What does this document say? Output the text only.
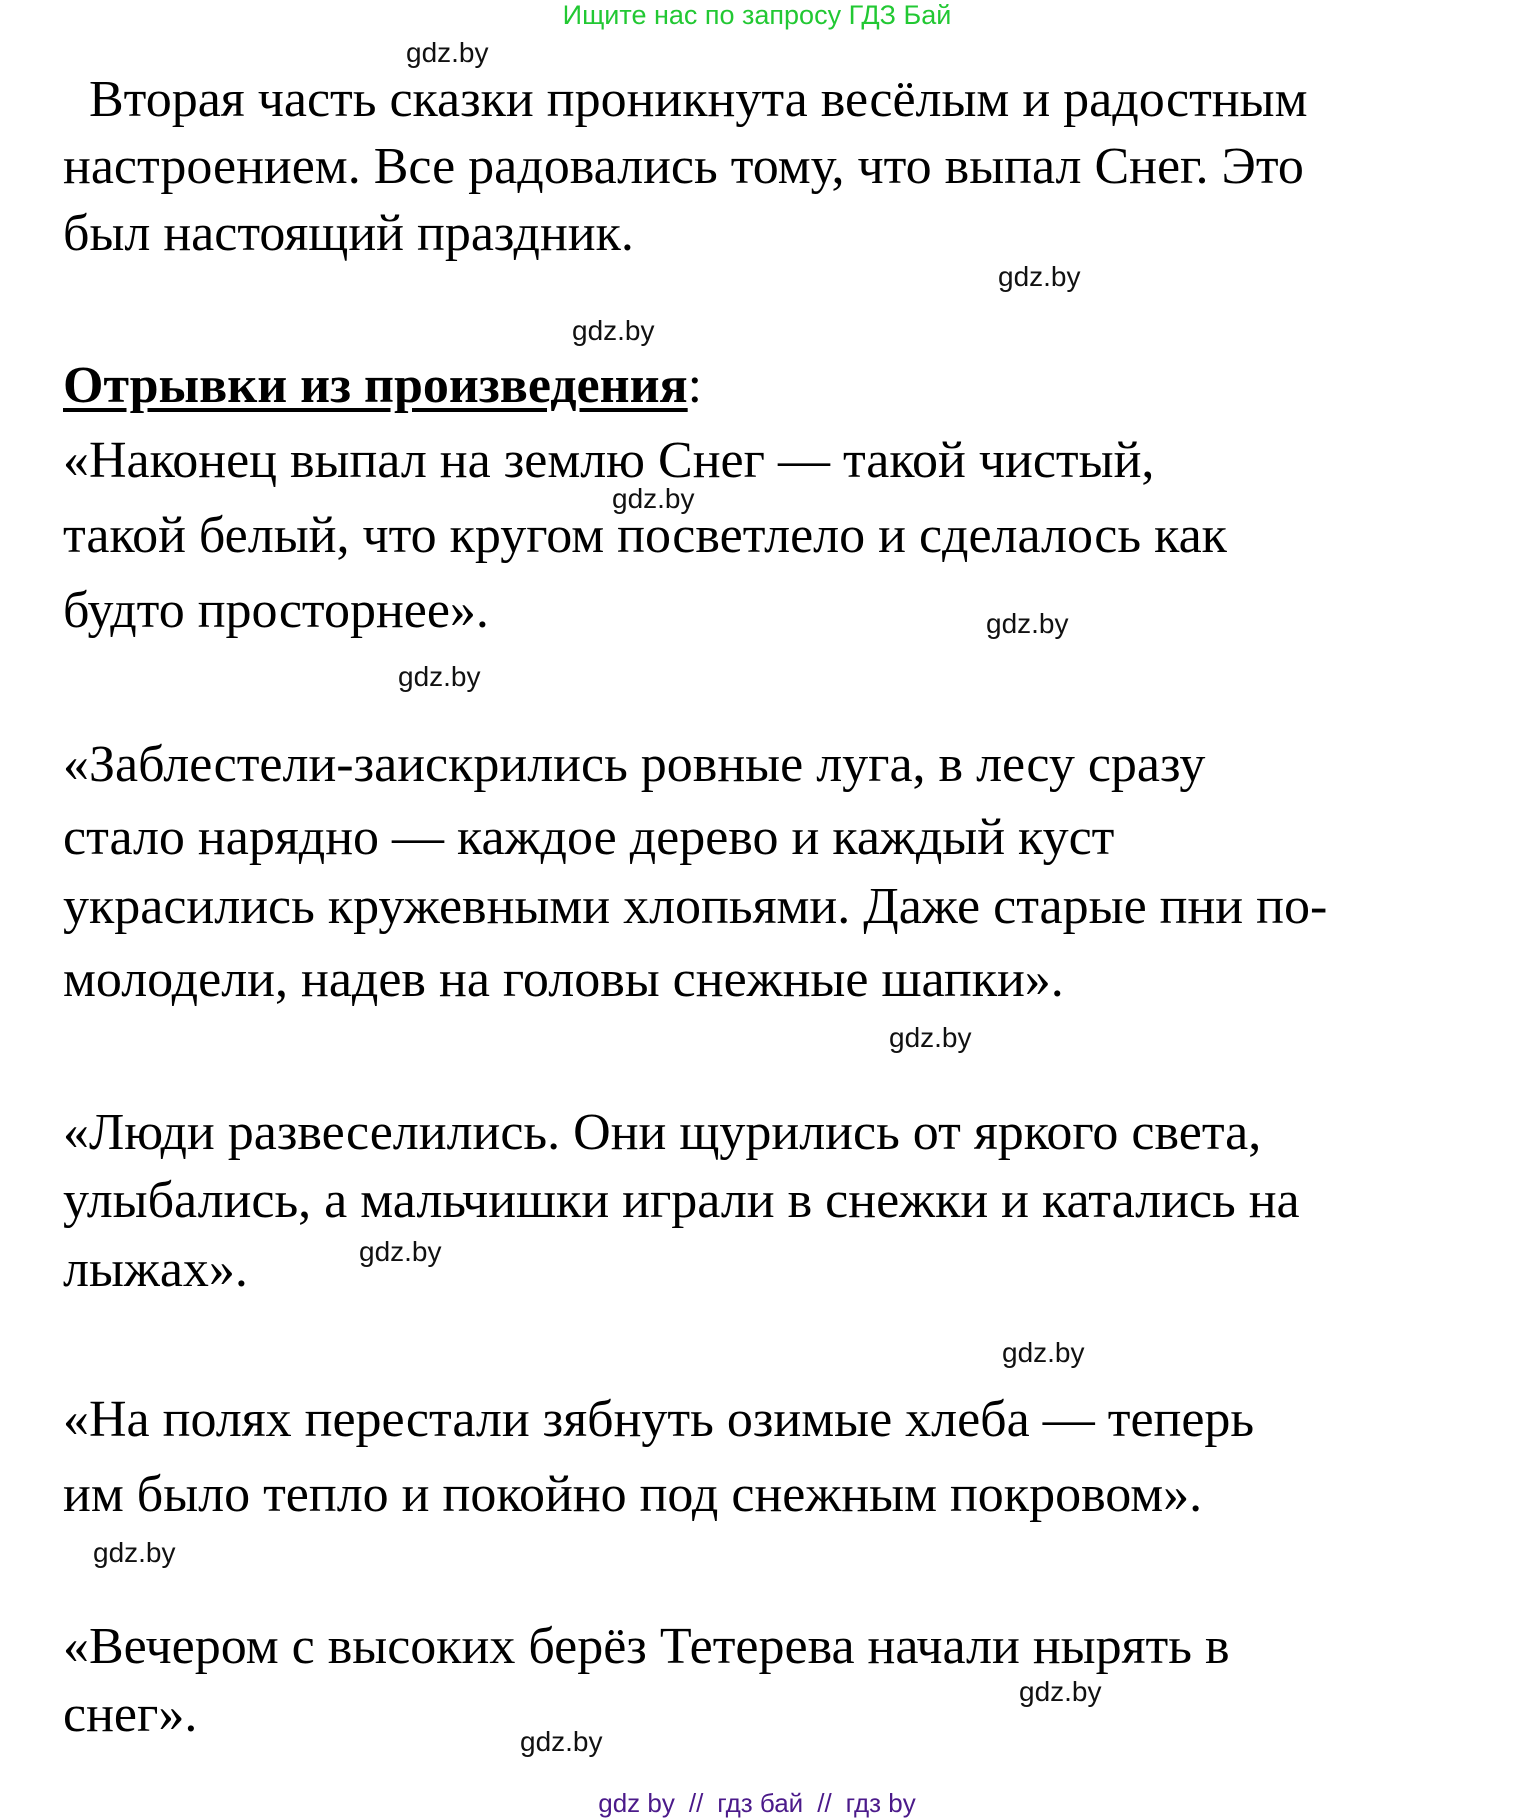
Ищите нас по запросу ГДЗ Бай
gdz.by
gdz.by
gdz.by
gdz.by
gdz.by
gdz.by
gdz.by
gdz.by
gdz.by
gdz.by
gdz.by
gdz.by
Вторая часть сказки проникнута весёлым и радостным
настроением. Все радовались тому, что выпал Снег. Это
был настоящий праздник.
Отрывки из произведения:
«Наконец выпал на землю Снег — такой чистый,
такой белый, что кругом посветлело и сделалось как
будто просторнее».
«Заблестели-заискрились ровные луга, в лесу сразу
стало нарядно — каждое дерево и каждый куст
украсились кружевными хлопьями. Даже старые пни по-
молодели, надев на головы снежные шапки».
«Люди развеселились. Они щурились от яркого света,
улыбались, а мальчишки играли в снежки и катались на
лыжах».
«На полях перестали зябнуть озимые хлеба — теперь
им было тепло и покойно под снежным покровом».
«Вечером с высоких берёз Тетерева начали нырять в
снег».
gdz by // гдз бай // гдз by
